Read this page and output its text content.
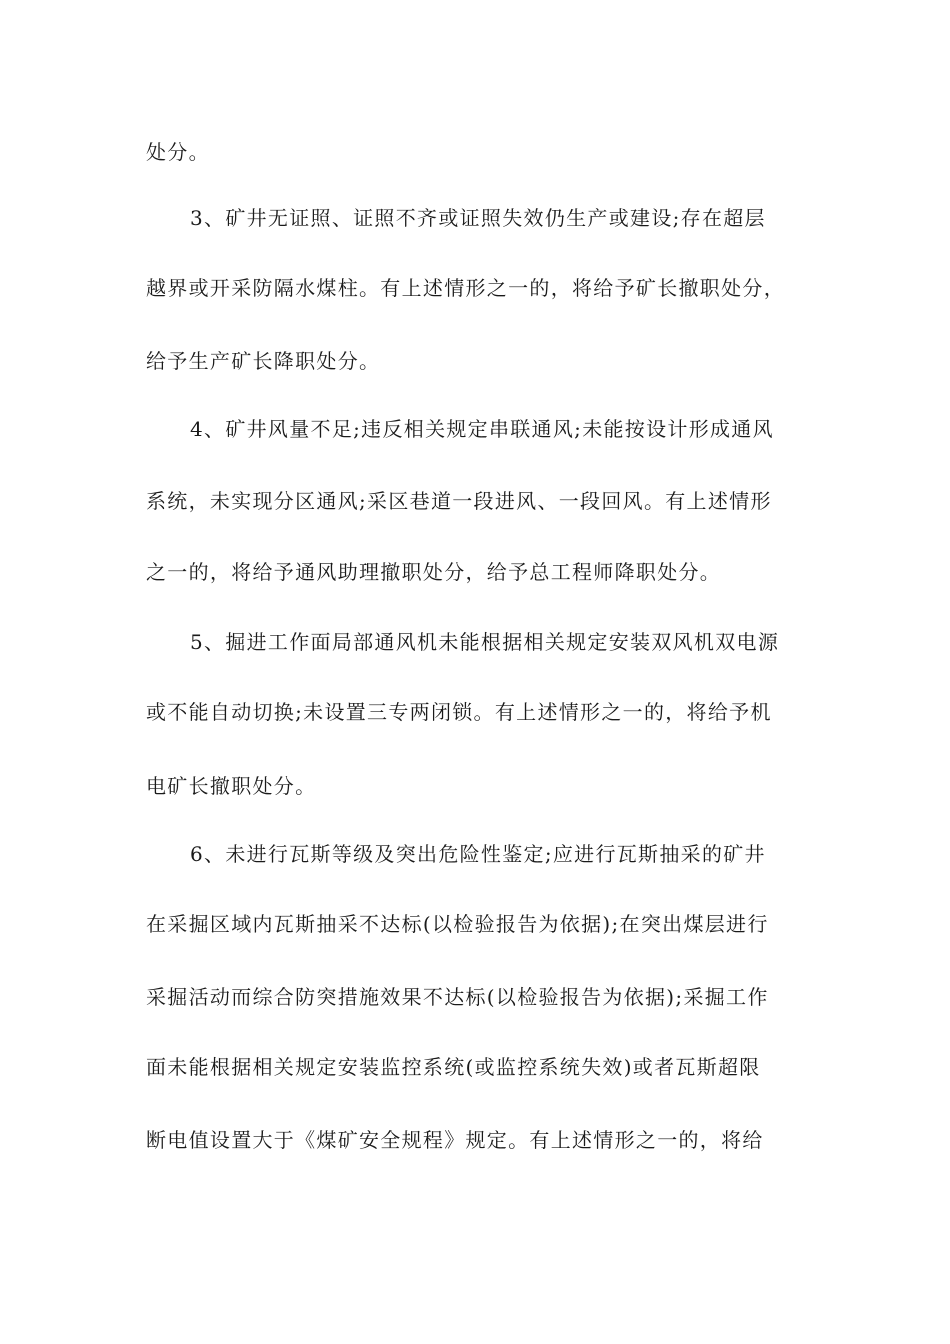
处分。
3、矿井无证照、证照不齐或证照失效仍生产或建设;存在超层
越界或开采防隔水煤柱。有上述情形之一的，将给予矿长撤职处分，
给予生产矿长降职处分。
4、矿井风量不足;违反相关规定串联通风;未能按设计形成通风
系统，未实现分区通风;采区巷道一段进风、一段回风。有上述情形
之一的，将给予通风助理撤职处分，给予总工程师降职处分。
5、掘进工作面局部通风机未能根据相关规定安装双风机双电源
或不能自动切换;未设置三专两闭锁。有上述情形之一的，将给予机
电矿长撤职处分。
6、未进行瓦斯等级及突出危险性鉴定;应进行瓦斯抽采的矿井
在采掘区域内瓦斯抽采不达标(以检验报告为依据);在突出煤层进行
采掘活动而综合防突措施效果不达标(以检验报告为依据);采掘工作
面未能根据相关规定安装监控系统(或监控系统失效)或者瓦斯超限
断电值设置大于《煤矿安全规程》规定。有上述情形之一的，将给
